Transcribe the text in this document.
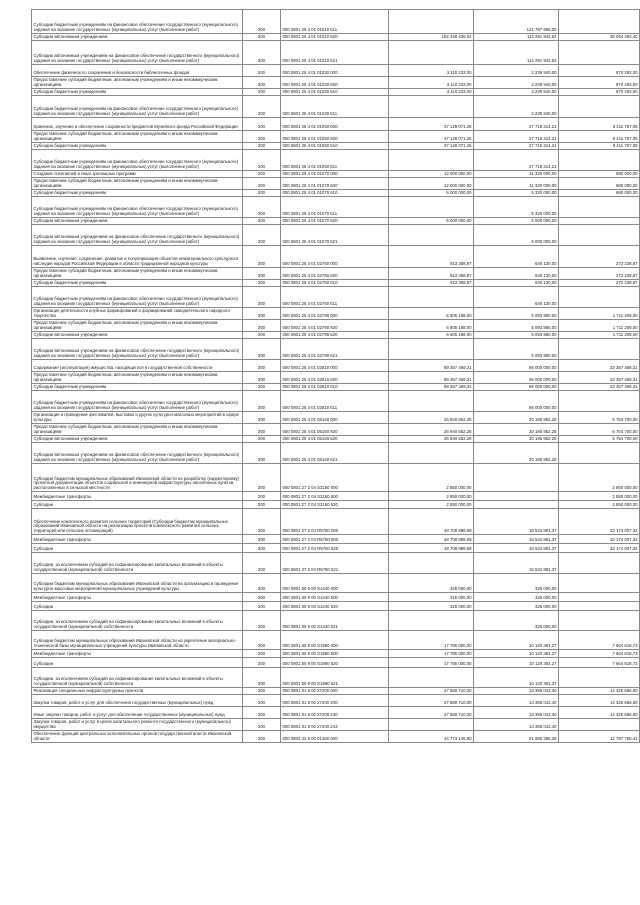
Субсидии бюджетным учреждениям на финансовое обеспечение государственного (муниципального) задания на оказание государственных (муниципальных) услуг (выполнение работ)	200	000 0801 25 4 01 01010 611		121 797 996,00	
Субсидии автономным учреждениям	200	000 0801 25 4 01 01010 620	182 348 436,02	114 291 942,62	35 054 493,40
Субсидии автономным учреждениям на финансовое обеспечение государственного (муниципального) задания на оказание государственных (муниципальных) услуг (выполнение работ)	200	000 0801 25 4 01 01010 621		114 291 942,62	
Обеспечение физического сохранения и безопасности библиотечных фондов	200	000 0801 25 4 01 01030 000	3 110 233,00	2 239 940,00	870 293,00
Предоставление субсидий бюджетным, автономным учреждениям и иным некоммерческим организациям	200	000 0801 25 4 01 01030 600	3 110 233,00	2 239 940,00	870 293,00
Субсидии бюджетным учреждениям	200	000 0801 25 4 01 01030 610	3 110 233,00	2 239 940,00	870 293,00
Субсидии бюджетным учреждениям на финансовое обеспечение государственного (муниципального) задания на оказание государственных (муниципальных) услуг (выполнение работ)	200	000 0801 25 4 01 01030 611		2 239 940,00	
Хранение, изучение и обеспечение сохранности предметов Музейного фонда Российской Федерации	200	000 0801 25 4 01 01050 000	37 128 071,26	27 716 314,21	9 411 757,05
Предоставление субсидий бюджетным, автономным учреждениям и иным некоммерческим организациям	200	000 0801 25 4 01 01050 600	37 128 071,26	27 716 314,21	9 411 757,05
Субсидии бюджетным учреждениям	200	000 0801 25 4 01 01050 610	37 128 071,26	27 716 314,21	9 411 757,05
Субсидии бюджетным учреждениям на финансовое обеспечение государственного (муниципального) задания на оказание государственных (муниципальных) услуг (выполнение работ)	200	000 0801 25 4 01 01050 611		27 716 314,21	
Создание спектаклей и иных зрелищных программ	200	000 0801 25 4 01 01070 000	12 000 000,00	11 320 000,00	680 000,00
Предоставление субсидий бюджетным, автономным учреждениям и иным некоммерческим организациям	200	000 0801 25 4 01 01070 600	12 000 000,00	11 320 000,00	680 000,00
Субсидии бюджетным учреждениям	200	000 0801 25 4 01 01070 610	6 000 000,00	5 320 000,00	680 000,00
Субсидии бюджетным учреждениям на финансовое обеспечение государственного (муниципального) задания на оказание государственных (муниципальных) услуг (выполнение работ)	200	000 0801 25 4 01 01070 611		5 320 000,00	
Субсидии автономным учреждениям	200	000 0801 25 4 01 01070 620	6 000 000,00	6 000 000,00	
Субсидии автономным учреждениям на финансовое обеспечение государственного (муниципального) задания на оказание государственных (муниципальных) услуг (выполнение работ)	200	000 0801 25 4 01 01070 621		6 000 000,00	
Выявление, изучение, сохранение, развитие и популяризация объектов нематериального культурного наследия народов Российской Федерации в области традиционной народной культуры	200	000 0801 25 4 01 02760 000	913 368,87	640 130,00	273 238,87
Предоставление субсидий бюджетным, автономным учреждениям и иным некоммерческим организациям	200	000 0801 25 4 01 02760 600	913 368,87	640 130,00	273 238,87
Субсидии бюджетным учреждениям	200	000 0801 25 4 01 02760 610	913 368,87	640 130,00	273 238,87
Субсидии бюджетным учреждениям на финансовое обеспечение государственного (муниципального) задания на оказание государственных (муниципальных) услуг (выполнение работ)	200	000 0801 25 4 01 02760 611		640 130,00	
Организация деятельности клубных формирований и формирований самодеятельного народного творчества	200	000 0801 25 4 01 02790 000	6 805 188,00	5 093 980,00	1 711 208,00
Предоставление субсидий бюджетным, автономным учреждениям и иным некоммерческим организациям	200	000 0801 25 4 01 02790 600	6 805 188,00	5 093 980,00	1 711 208,00
Субсидии автономным учреждениям	200	000 0801 25 4 01 02790 620	6 805 188,00	5 093 980,00	1 711 208,00
Субсидии автономным учреждениям на финансовое обеспечение государственного (муниципального) задания на оказание государственных (муниципальных) услуг (выполнение работ)	200	000 0801 25 4 01 02790 621		5 093 980,00	
Содержание (эксплуатация) имущества, находящегося в государственной собственности	200	000 0801 25 4 01 02810 000	89 357 469,31	66 000 000,00	23 357 469,31
Предоставление субсидий бюджетным, автономным учреждениям и иным некоммерческим организациям	200	000 0801 25 4 01 02810 600	89 357 469,31	66 000 000,00	23 357 469,31
Субсидии бюджетным учреждениям	200	000 0801 25 4 01 02810 610	89 357 469,31	66 000 000,00	23 357 469,31
Субсидии бюджетным учреждениям на финансовое обеспечение государственного (муниципального) задания на оказание государственных (муниципальных) услуг (выполнение работ)	200	000 0801 25 4 01 02810 611		66 000 000,00	
Организация и проведение фестивалей, выставок и других культурно-массовых мероприятий в сфере культуры	200	000 0801 25 4 01 05160 000	26 940 652,28	20 185 952,28	6 754 700,00
Предоставление субсидий бюджетным, автономным учреждениям и иным некоммерческим организациям	200	000 0801 25 4 01 05160 600	26 940 652,28	20 185 952,28	6 754 700,00
Субсидии автономным учреждениям	200	000 0801 25 4 01 05160 620	26 940 652,28	20 185 952,28	6 754 700,00
Субсидии автономным учреждениям на финансовое обеспечение государственного (муниципального) задания на оказание государственных (муниципальных) услуг (выполнение работ)	200	000 0801 25 4 01 05160 621		20 185 952,28	
Субсидии бюджетам муниципальных образований Ивановской области на разработку (корректировку) проектной документации объектов социальной и инженерной инфраструктуры населенных пунктов, расположенных в сельской местности	200	000 0801 27 2 04 S3160 000	2 850 000,00		2 850 000,00
Межбюджетные трансферты	200	000 0801 27 2 04 S3160 500	2 850 000,00		2 850 000,00
Субсидии	200	000 0801 27 2 04 S3160 520	2 850 000,00		2 850 000,00
Обеспечение комплексного развития сельских территорий (Субсидии бюджетам муниципальных образований Ивановской области на реализацию проектов комплексного развития сельских территорий или сельских агломераций)	200	000 0801 27 2 04 R5760 000	48 708 888,69	15 534 881,37	33 174 007,32
Межбюджетные трансферты	200	000 0801 27 2 04 R5760 500	48 708 888,69	15 534 881,37	33 174 007,32
Субсидии	200	000 0801 27 2 04 R5760 520	48 708 888,69	15 534 881,37	33 174 007,32
Субсидии, за исключением субсидий на софинансирование капитальных вложений в объекты государственной (муниципальной) собственности	200	000 0801 27 2 04 R5760 521		15 534 881,37	
Субсидии бюджетам муниципальных образований Ивановской области на организацию и проведение культурно-массовых мероприятий муниципальных учреждений культуры	200	000 0801 50 9 00 S1440 000	325 000,00	325 000,00	
Межбюджетные трансферты	200	000 0801 50 9 00 S1440 500	325 000,00	325 000,00	
Субсидии	200	000 0801 50 9 00 S1440 520	325 000,00	325 000,00	
Субсидии, за исключением субсидий на софинансирование капитальных вложений в объекты государственной (муниципальной) собственности	200	000 0801 50 9 00 S1440 521		325 000,00	
Субсидии бюджетам муниципальных образований Ивановской области на укрепление материально-технической базы муниципальных учреждений культуры Ивановской области	200	000 0801 50 9 00 S1980 000	17 785 000,00	10 120 381,27	7 664 618,73
Межбюджетные трансферты	200	000 0801 50 9 00 S1980 500	17 785 000,00	10 120 381,27	7 664 618,73
Субсидии	200	000 0801 50 9 00 S1980 520	17 785 000,00	10 120 381,27	7 664 618,73
Субсидии, за исключением субсидий на софинансирование капитальных вложений в объекты государственной (муниципальной) собственности	200	000 0801 50 9 00 S1980 521		10 120 381,27	
Реализация специальных инфраструктурных проектов	200	000 0801 51 9 00 27200 000	27 680 710,00	13 355 043,40	14 325 666,60
Закупка товаров, работ и услуг для обеспечения государственных (муниципальных) нужд	200	000 0801 51 9 00 27200 200	27 680 710,00	13 355 043,40	14 325 666,60
Иные закупки товаров, работ и услуг для обеспечения государственных (муниципальных) нужд	200	000 0801 51 9 00 27200 240	27 680 710,00	13 355 043,40	14 325 666,60
Закупка товаров, работ и услуг в целях капитального ремонта государственного (муниципального) имущества	200	000 0801 51 9 00 27200 243		13 355 043,40	
Обеспечение функций центральных исполнительных органов государственной власти Ивановской области	200	000 0804 42 9 00 01450 000	44 773 146,80	31 985 386,39	12 787 760,41
